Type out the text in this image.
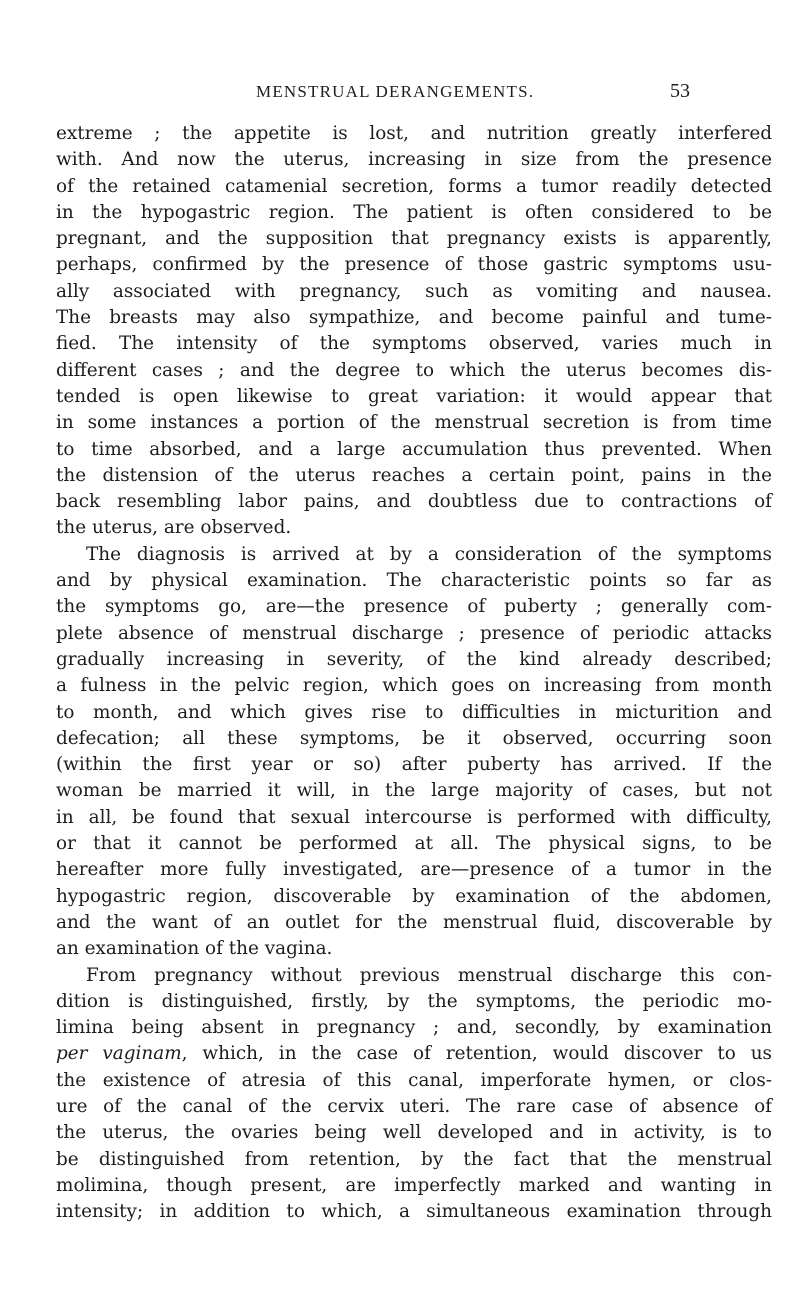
MENSTRUAL DERANGEMENTS.	53
extreme ; the appetite is lost, and nutrition greatly interfered
with. And now the uterus, increasing in size from the presence
of the retained catamenial secretion, forms a tumor readily detected
in the hypogastric region. The patient is often considered to be
pregnant, and the supposition that pregnancy exists is apparently,
perhaps, confirmed by the presence of those gastric symptoms usu-
ally associated with pregnancy, such as vomiting and nausea.
The breasts may also sympathize, and become painful and tume-
fied. The intensity of the symptoms observed, varies much in
different cases ; and the degree to which the uterus becomes dis-
tended is open likewise to great variation: it would appear that
in some instances a portion of the menstrual secretion is from time
to time absorbed, and a large accumulation thus prevented. When
the distension of the uterus reaches a certain point, pains in the
back resembling labor pains, and doubtless due to contractions of
the uterus, are observed.
The diagnosis is arrived at by a consideration of the symptoms
and by physical examination. The characteristic points so far as
the symptoms go, are—the presence of puberty ; generally com-
plete absence of menstrual discharge ; presence of periodic attacks
gradually increasing in severity, of the kind already described;
a fulness in the pelvic region, which goes on increasing from month
to month, and which gives rise to difficulties in micturition and
defecation; all these symptoms, be it observed, occurring soon
(within the first year or so) after puberty has arrived. If the
woman be married it will, in the large majority of cases, but not
in all, be found that sexual intercourse is performed with difficulty,
or that it cannot be performed at all. The physical signs, to be
hereafter more fully investigated, are—presence of a tumor in the
hypogastric region, discoverable by examination of the abdomen,
and the want of an outlet for the menstrual fluid, discoverable by
an examination of the vagina.
From pregnancy without previous menstrual discharge this con-
dition is distinguished, firstly, by the symptoms, the periodic mo-
limina being absent in pregnancy ; and, secondly, by examination
per vaginam, which, in the case of retention, would discover to us
the existence of atresia of this canal, imperforate hymen, or clos-
ure of the canal of the cervix uteri. The rare case of absence of
the uterus, the ovaries being well developed and in activity, is to
be distinguished from retention, by the fact that the menstrual
molimina, though present, are imperfectly marked and wanting in
intensity; in addition to which, a simultaneous examination through
